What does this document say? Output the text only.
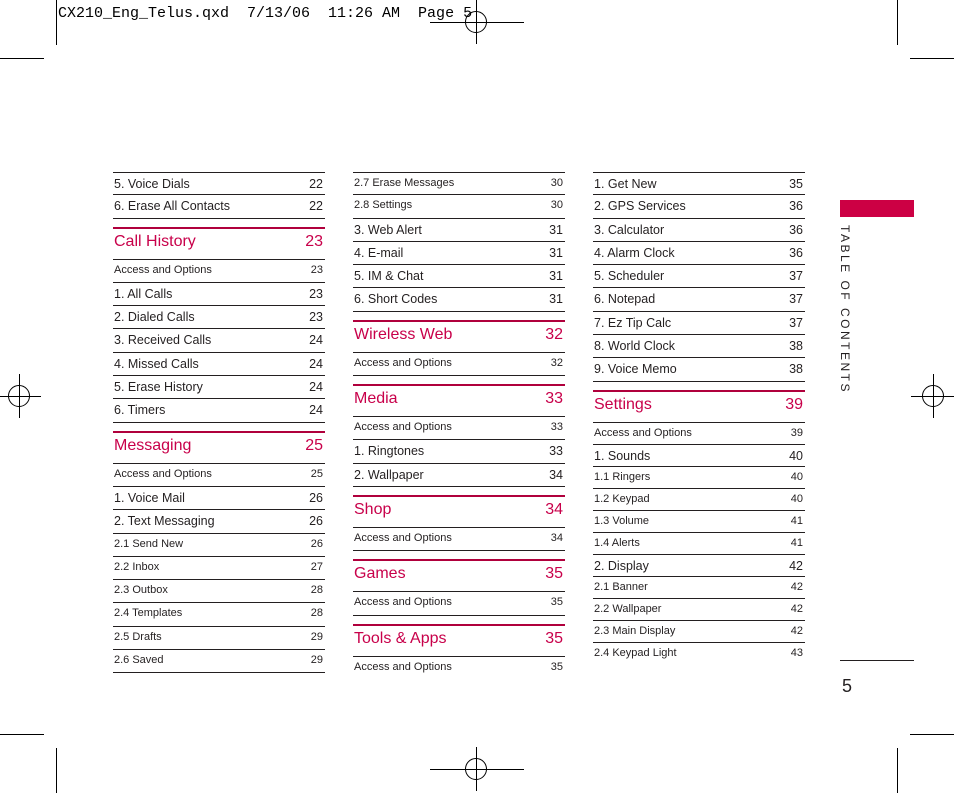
CX210_Eng_Telus.qxd  7/13/06  11:26 AM  Page 5
5. Voice Dials	22
6. Erase All Contacts	22
Call History	23
Access and Options	23
1. All Calls	23
2. Dialed Calls	23
3. Received Calls	24
4. Missed Calls	24
5. Erase History	24
6. Timers	24
Messaging	25
Access and Options	25
1. Voice Mail	26
2. Text Messaging	26
2.1 Send New	26
2.2 Inbox	27
2.3 Outbox	28
2.4 Templates	28
2.5 Drafts	29
2.6 Saved	29
2.7 Erase Messages	30
2.8 Settings	30
3. Web Alert	31
4. E-mail	31
5. IM & Chat	31
6. Short Codes	31
Wireless Web	32
Access and Options	32
Media	33
Access and Options	33
1. Ringtones	33
2. Wallpaper	34
Shop	34
Access and Options	34
Games	35
Access and Options	35
Tools & Apps	35
Access and Options	35
1. Get New	35
2. GPS Services	36
3. Calculator	36
4. Alarm Clock	36
5. Scheduler	37
6. Notepad	37
7. Ez Tip Calc	37
8. World Clock	38
9. Voice Memo	38
Settings	39
Access and Options	39
1. Sounds	40
1.1 Ringers	40
1.2 Keypad	40
1.3 Volume	41
1.4 Alerts	41
2. Display	42
2.1 Banner	42
2.2 Wallpaper	42
2.3 Main Display	42
2.4 Keypad Light	43
TABLE OF CONTENTS
5
